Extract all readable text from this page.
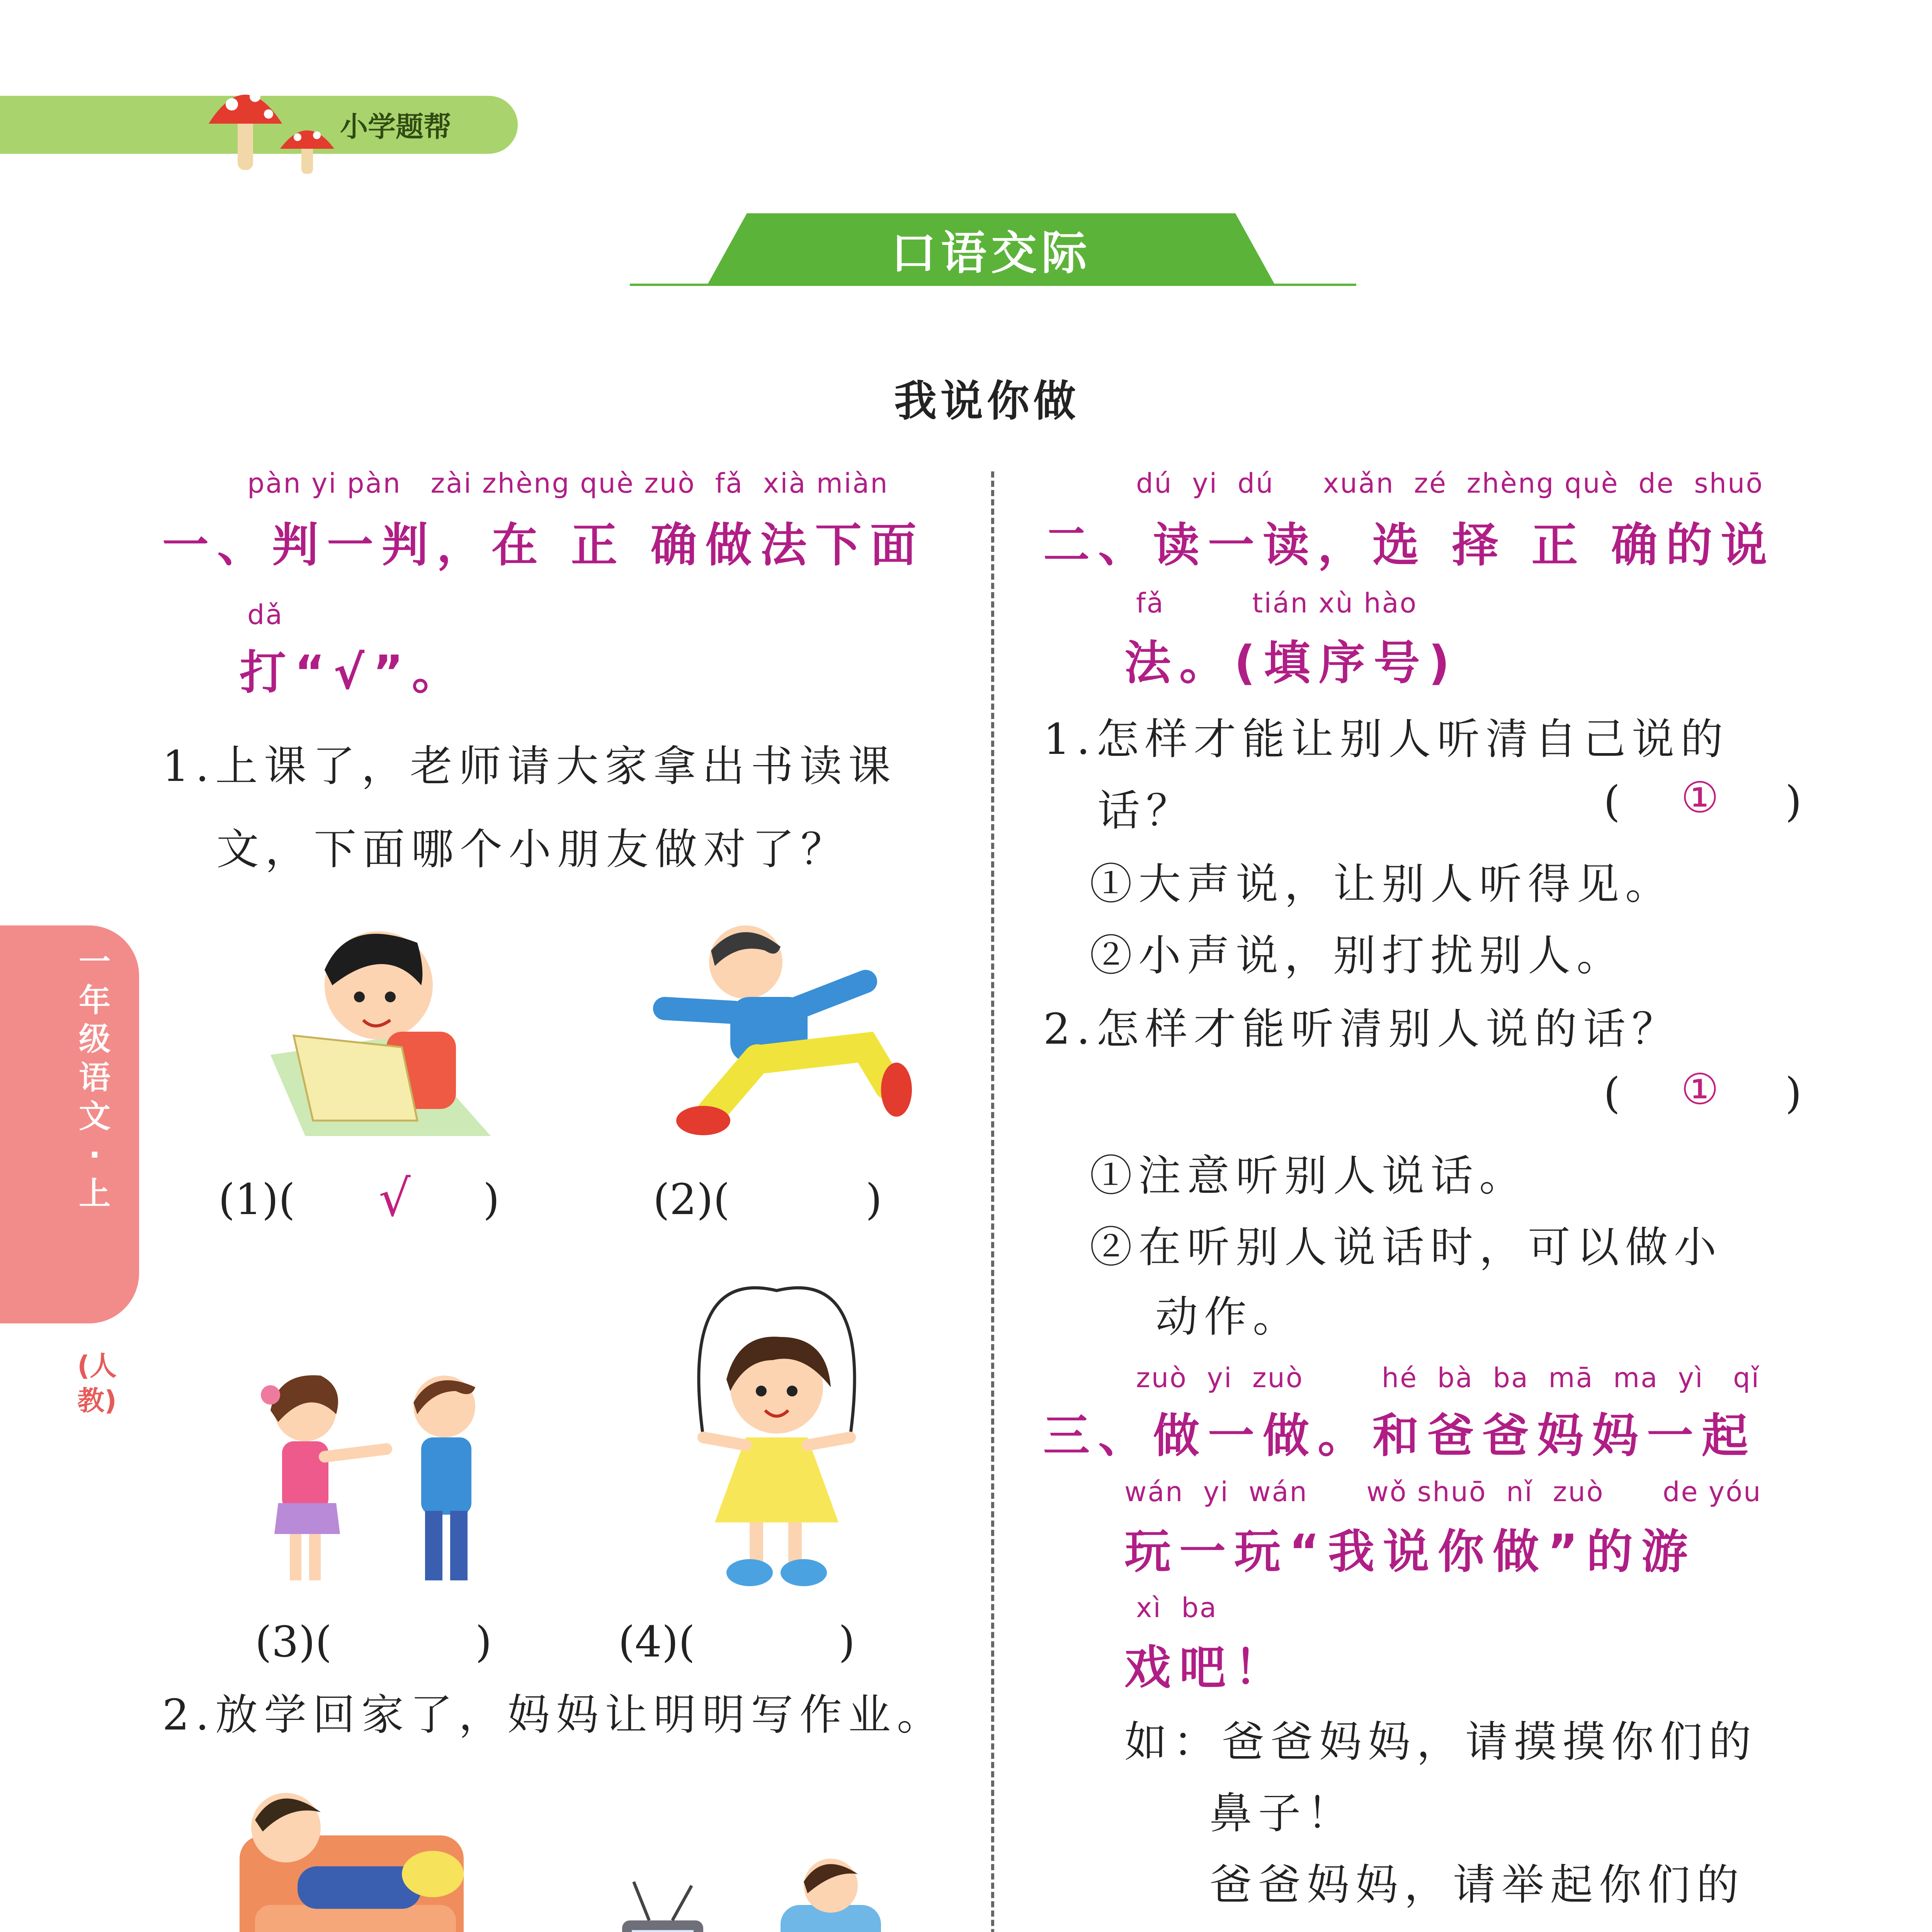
小学题帮
口语交际
我说你做
一年级语文·上
(人教)
pàn yi pàn   zài zhèng què zuò  fǎ  xià miàn
一、判一判，在 正 确做法下面
dǎ
打“√”。
1.上课了，老师请大家拿出书读课
文，下面哪个小朋友做对了？
(1)( √ )	(2)(	)
(3)(	)	(4)(	)
2.放学回家了，妈妈让明明写作业。
dú  yi  dú     xuǎn  zé  zhèng què  de  shuō
二、读一读，选 择 正 确的说
fǎ         tián xù hào
法。(填序号)
1.怎样才能让别人听清自己说的
话？	( ① )
①大声说，让别人听得见。
②小声说，别打扰别人。
2.怎样才能听清别人说的话？
( ① )
①注意听别人说话。
②在听别人说话时，可以做小
动作。
zuò  yi  zuò        hé  bà  ba  mā  ma  yì   qǐ
三、做一做。和爸爸妈妈一起
wán  yi  wán      wǒ shuō  nǐ  zuò      de yóu
玩一玩“我说你做”的游
xì  ba
戏吧！
如：爸爸妈妈，请摸摸你们的
鼻子！
爸爸妈妈，请举起你们的
